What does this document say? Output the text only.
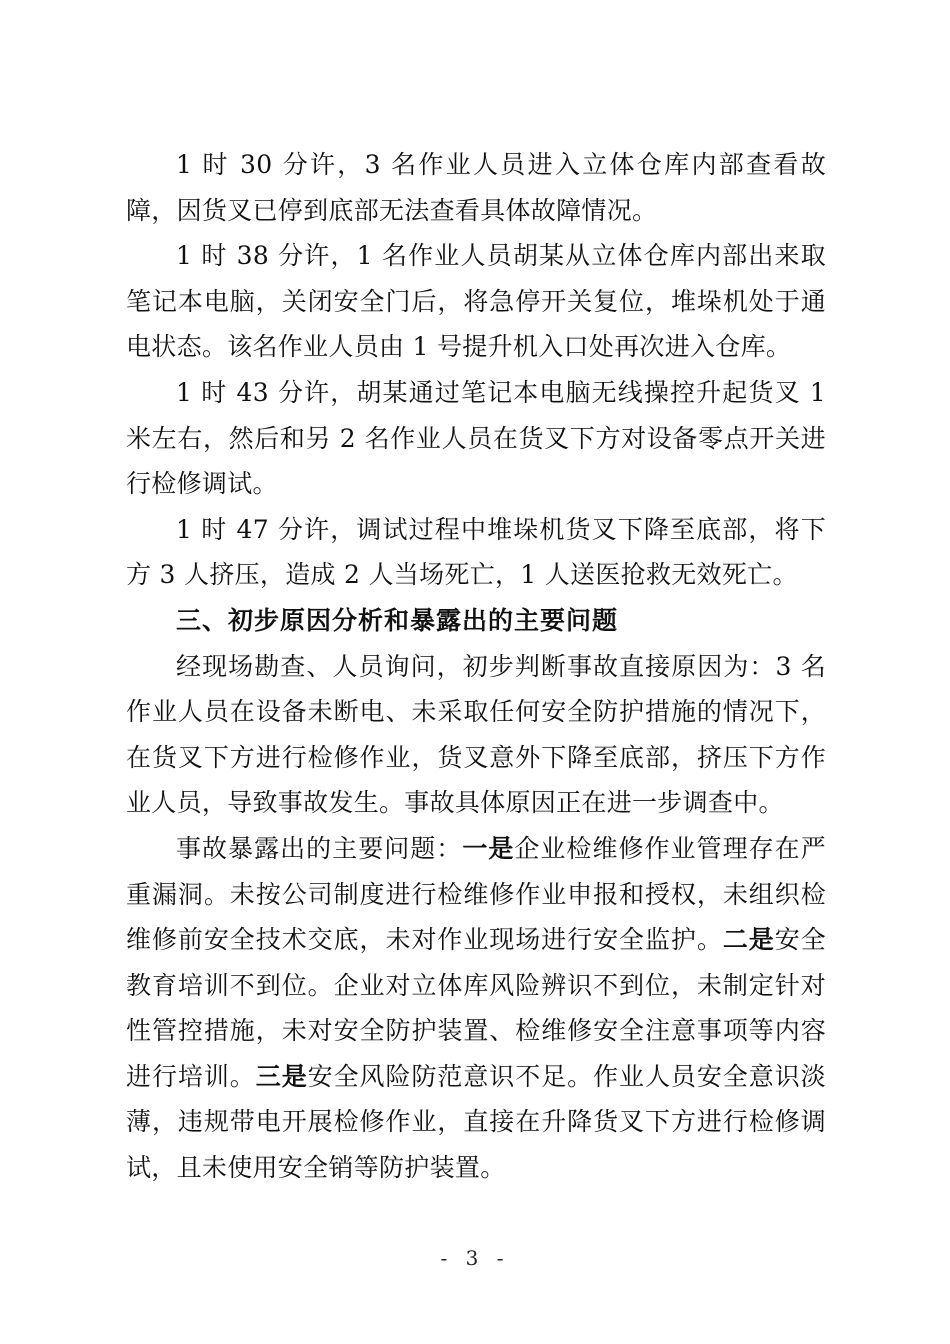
1 时 30 分许，3 名作业人员进入立体仓库内部查看故障，因货叉已停到底部无法查看具体故障情况。

1 时 38 分许，1 名作业人员胡某从立体仓库内部出来取笔记本电脑，关闭安全门后，将急停开关复位，堆垛机处于通电状态。该名作业人员由 1 号提升机入口处再次进入仓库。

1 时 43 分许，胡某通过笔记本电脑无线操控升起货叉 1 米左右，然后和另 2 名作业人员在货叉下方对设备零点开关进行检修调试。

1 时 47 分许，调试过程中堆垛机货叉下降至底部，将下方 3 人挤压，造成 2 人当场死亡，1 人送医抢救无效死亡。

三、初步原因分析和暴露出的主要问题

经现场勘查、人员询问，初步判断事故直接原因为：3 名作业人员在设备未断电、未采取任何安全防护措施的情况下，在货叉下方进行检修作业，货叉意外下降至底部，挤压下方作业人员，导致事故发生。事故具体原因正在进一步调查中。

事故暴露出的主要问题：一是企业检维修作业管理存在严重漏洞。未按公司制度进行检维修作业申报和授权，未组织检维修前安全技术交底，未对作业现场进行安全监护。二是安全教育培训不到位。企业对立体库风险辨识不到位，未制定针对性管控措施，未对安全防护装置、检维修安全注意事项等内容进行培训。三是安全风险防范意识不足。作业人员安全意识淡薄，违规带电开展检修作业，直接在升降货叉下方进行检修调试，且未使用安全销等防护装置。

- 3 -
